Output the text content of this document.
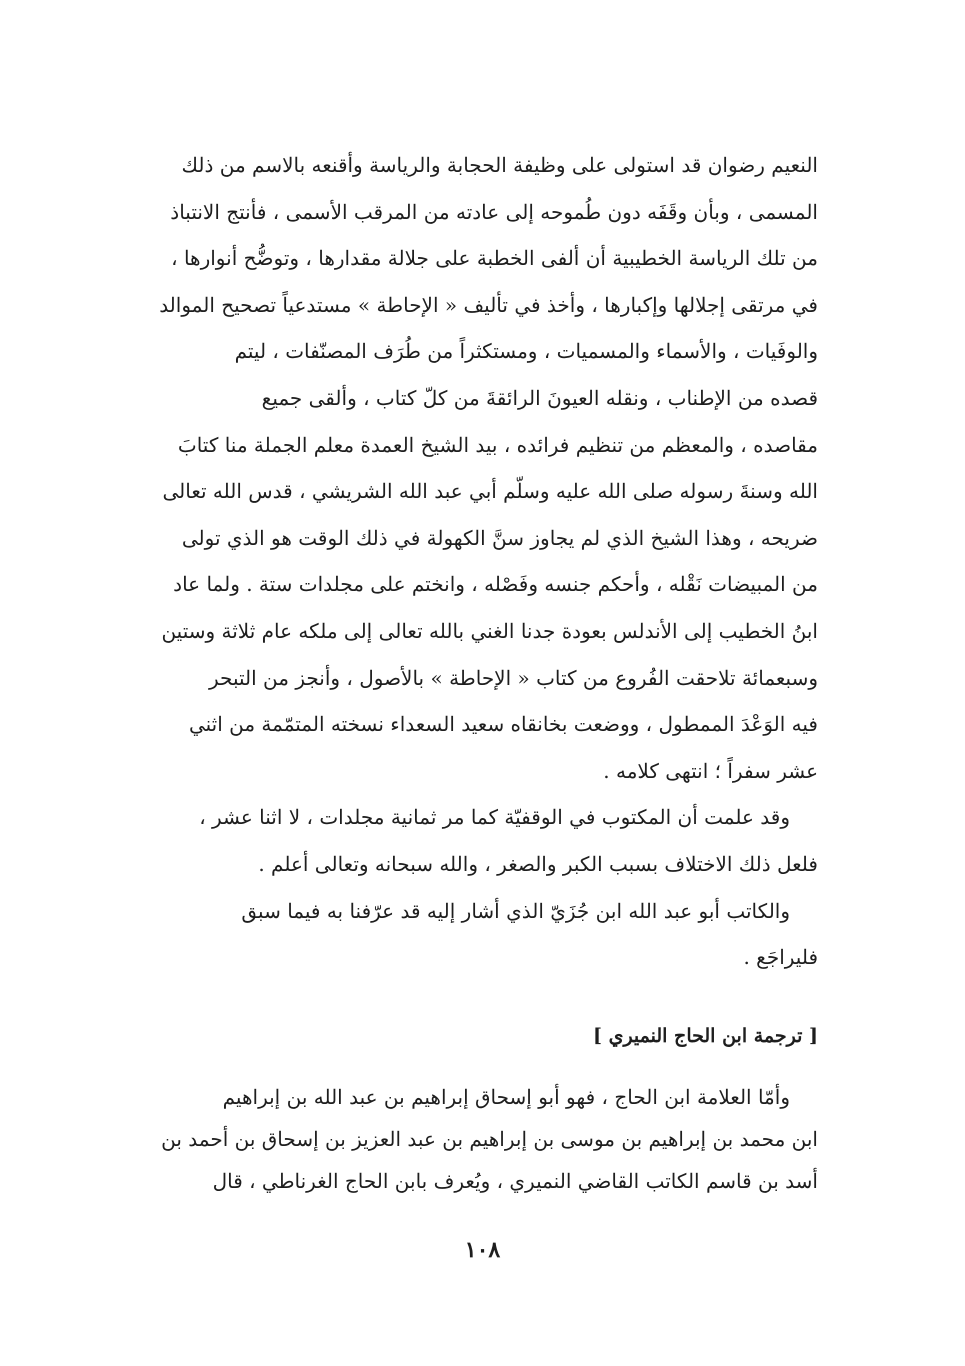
النعيم رضوان قد استولى على وظيفة الحجابة والرياسة وأقنعه بالاسم من ذلك
المسمى ، وبأن وقَفَه دون طُموحه إلى عادته من المرقب الأسمى ، فأنتج الانتباذ
من تلك الرياسة الخطيبية أن ألفى الخطبة على جلالة مقدارها ، وتوضُّح أنوارها ،
في مرتقى إجلالها وإكبارها ، وأخذ في تأليف « الإحاطة » مستدعياً تصحيح الموالد
والوفَيات ، والأسماء والمسميات ، ومستكثراً من طُرَف المصنّفات ، ليتم
قصده من الإطناب ، ونقله العيونَ الرائقةَ من كلّ كتاب ، وألقى جميع
مقاصده ، والمعظم من تنظيم فرائده ، بيد الشيخ العمدة معلم الجملة منا كتابَ
الله وسنةَ رسوله صلى الله عليه وسلّم أبي عبد الله الشريشي ، قدس الله تعالى
ضريحه ، وهذا الشيخ الذي لم يجاوز سنَّ الكهولة في ذلك الوقت هو الذي تولى
من المبيضات نَقْله ، وأحكم جنسه وفَصْله ، وانختم على مجلدات ستة . ولما عاد
ابنُ الخطيب إلى الأندلس بعودة جدنا الغني بالله تعالى إلى ملكه عام ثلاثة وستين
وسبعمائة تلاحقت الفُروع من كتاب « الإحاطة » بالأصول ، وأنجز من التبحر
فيه الوَعْدَ الممطول ، ووضعت بخانقاه سعيد السعداء نسخته المتمّمة من اثني
عشر سفراً ؛ انتهى كلامه .
وقد علمت أن المكتوب في الوقفيّة كما مر ثمانية مجلدات ، لا اثنا عشر ،
فلعل ذلك الاختلاف بسبب الكبر والصغر ، والله سبحانه وتعالى أعلم .
والكاتب أبو عبد الله ابن جُزَيّ الذي أشار إليه قد عرّفنا به فيما سبق
فليراجَع .
[ ترجمة ابن الحاج النميري ]
وأمّا العلامة ابن الحاج ، فهو أبو إسحاق إبراهيم بن عبد الله بن إبراهيم
ابن محمد بن إبراهيم بن موسى بن إبراهيم بن عبد العزيز بن إسحاق بن أحمد بن
أسد بن قاسم الكاتب القاضي النميري ، ويُعرف بابن الحاج الغرناطي ، قال
١٠٨
